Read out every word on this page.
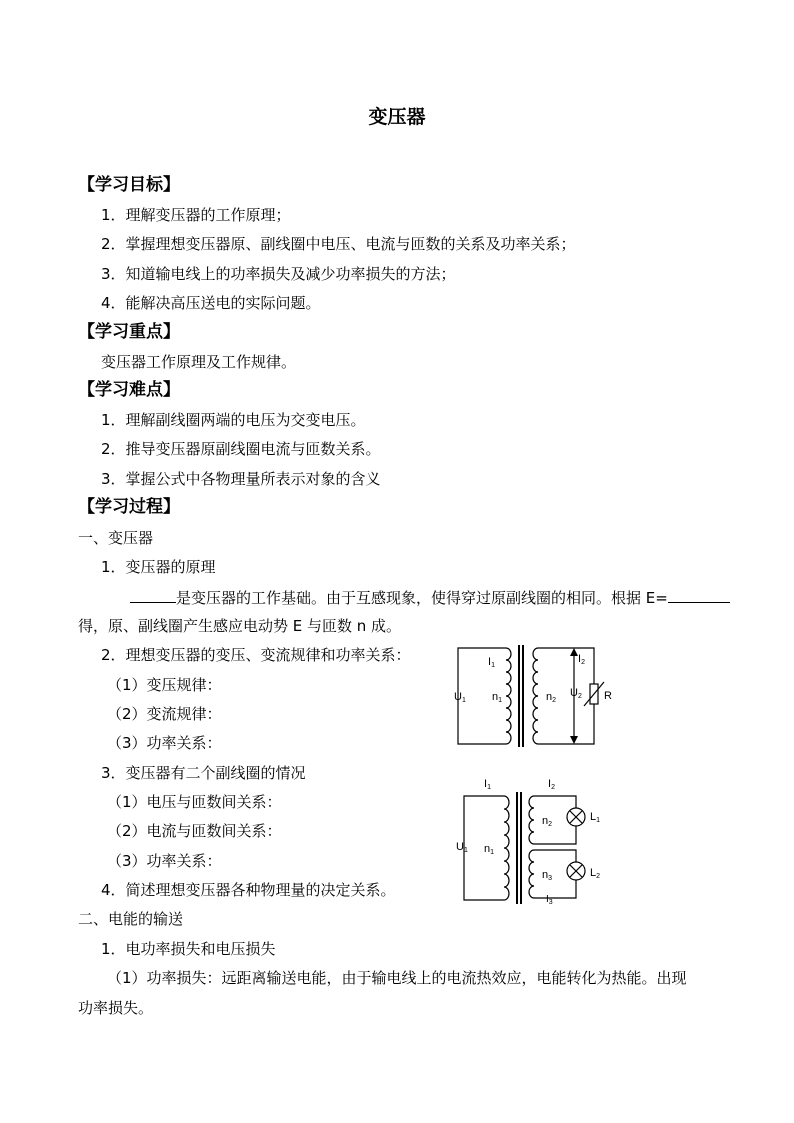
变压器
【学习目标】
1．理解变压器的工作原理；
2．掌握理想变压器原、副线圈中电压、电流与匝数的关系及功率关系；
3．知道输电线上的功率损失及减少功率损失的方法；
4．能解决高压送电的实际问题。
【学习重点】
变压器工作原理及工作规律。
【学习难点】
1．理解副线圈两端的电压为交变电压。
2．推导变压器原副线圈电流与匝数关系。
3．掌握公式中各物理量所表示对象的含义
【学习过程】
一、变压器
1．变压器的原理
是变压器的工作基础。由于互感现象，使得穿过原副线圈的相同。根据 E=
得，原、副线圈产生感应电动势 E 与匝数 n 成。
2．理想变压器的变压、变流规律和功率关系：
（1）变压规律：
（2）变流规律：
（3）功率关系：
3．变压器有二个副线圈的情况
（1）电压与匝数间关系：
（2）电流与匝数间关系：
（3）功率关系：
4．简述理想变压器各种物理量的决定关系。
二、电能的输送
1．电功率损失和电压损失
（1）功率损失：远距离输送电能，由于输电线上的电流热效应，电能转化为热能。出现
功率损失。
I1
U1 n1	n2
U2
I2
R
I1	I2
U1 n1
n2
L1
n3	L2
$I_3$
